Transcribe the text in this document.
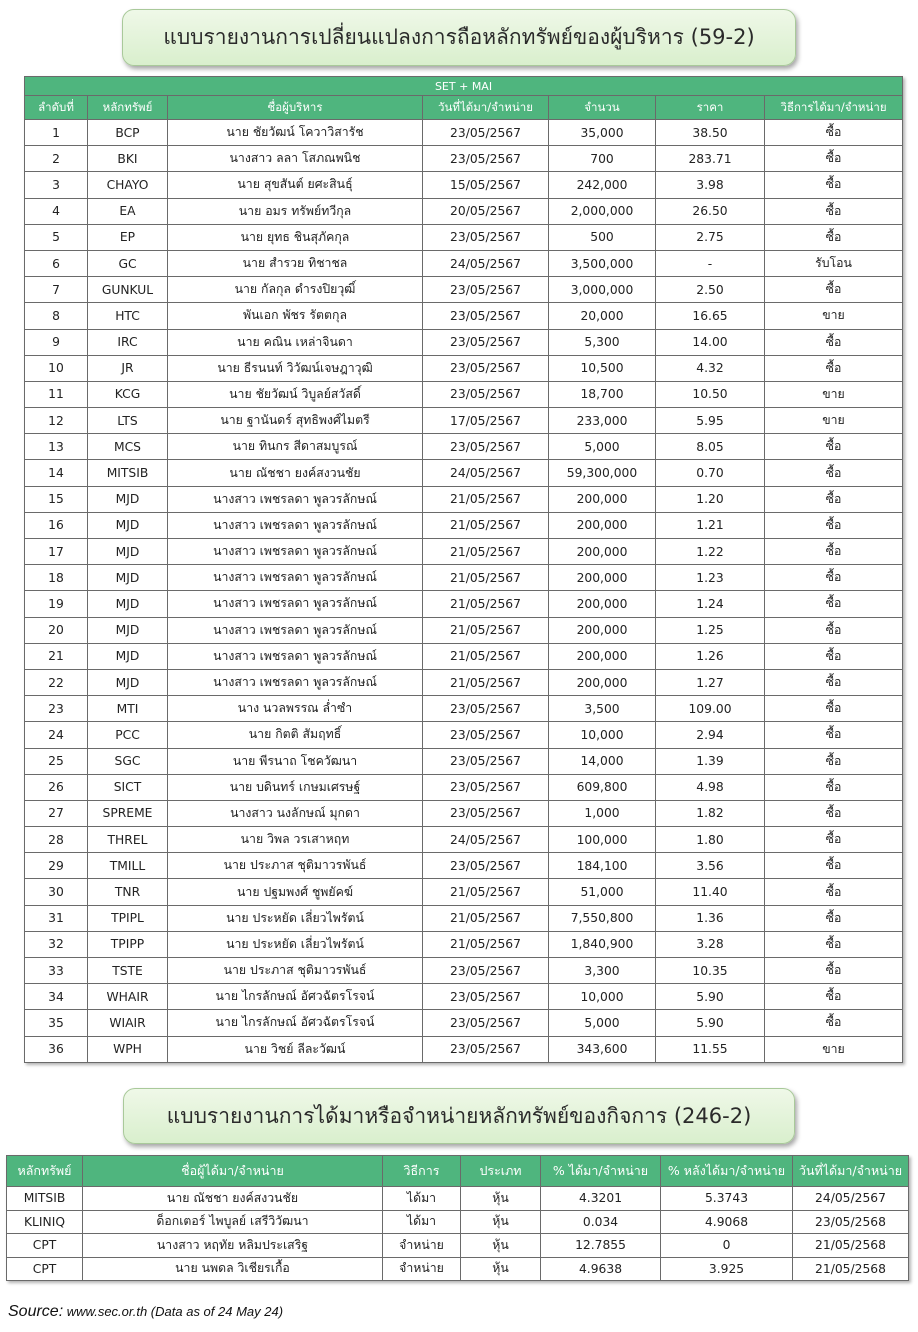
แบบรายงานการเปลี่ยนแปลงการถือหลักทรัพย์ของผู้บริหาร (59-2)
SET + MAI						
ลำดับที่	หลักทรัพย์	ชื่อผู้บริหาร	วันที่ได้มา/จำหน่าย	จำนวน	ราคา	วิธีการได้มา/จำหน่าย
1	BCP	นาย ชัยวัฒน์ โควาวิสารัช	23/05/2567	35,000	38.50	ซื้อ
2	BKI	นางสาว ลลา โสภณพนิช	23/05/2567	700	283.71	ซื้อ
3	CHAYO	นาย สุขสันต์ ยศะสินธุ์	15/05/2567	242,000	3.98	ซื้อ
4	EA	นาย อมร ทรัพย์ทวีกุล	20/05/2567	2,000,000	26.50	ซื้อ
5	EP	นาย ยุทธ ชินสุภัคกุล	23/05/2567	500	2.75	ซื้อ
6	GC	นาย สำรวย ทิชาชล	24/05/2567	3,500,000	-	รับโอน
7	GUNKUL	นาย กัลกุล ดำรงปิยวุฒิ์	23/05/2567	3,000,000	2.50	ซื้อ
8	HTC	พันเอก พัชร รัตตกุล	23/05/2567	20,000	16.65	ขาย
9	IRC	นาย คณิน เหล่าจินดา	23/05/2567	5,300	14.00	ซื้อ
10	JR	นาย ธีรนนท์ วิวัฒน์เจษฎาวุฒิ	23/05/2567	10,500	4.32	ซื้อ
11	KCG	นาย ชัยวัฒน์ วิบูลย์สวัสดิ์	23/05/2567	18,700	10.50	ขาย
12	LTS	นาย ฐานันดร์ สุทธิพงศ์ไมตรี	17/05/2567	233,000	5.95	ขาย
13	MCS	นาย ทินกร สีดาสมบูรณ์	23/05/2567	5,000	8.05	ซื้อ
14	MITSIB	นาย ณัชชา ยงค์สงวนชัย	24/05/2567	59,300,000	0.70	ซื้อ
15	MJD	นางสาว เพชรลดา พูลวรลักษณ์	21/05/2567	200,000	1.20	ซื้อ
16	MJD	นางสาว เพชรลดา พูลวรลักษณ์	21/05/2567	200,000	1.21	ซื้อ
17	MJD	นางสาว เพชรลดา พูลวรลักษณ์	21/05/2567	200,000	1.22	ซื้อ
18	MJD	นางสาว เพชรลดา พูลวรลักษณ์	21/05/2567	200,000	1.23	ซื้อ
19	MJD	นางสาว เพชรลดา พูลวรลักษณ์	21/05/2567	200,000	1.24	ซื้อ
20	MJD	นางสาว เพชรลดา พูลวรลักษณ์	21/05/2567	200,000	1.25	ซื้อ
21	MJD	นางสาว เพชรลดา พูลวรลักษณ์	21/05/2567	200,000	1.26	ซื้อ
22	MJD	นางสาว เพชรลดา พูลวรลักษณ์	21/05/2567	200,000	1.27	ซื้อ
23	MTI	นาง นวลพรรณ ล่ำซำ	23/05/2567	3,500	109.00	ซื้อ
24	PCC	นาย กิตติ สัมฤทธิ์	23/05/2567	10,000	2.94	ซื้อ
25	SGC	นาย พีรนาถ โชควัฒนา	23/05/2567	14,000	1.39	ซื้อ
26	SICT	นาย บดินทร์ เกษมเศรษฐ์	23/05/2567	609,800	4.98	ซื้อ
27	SPREME	นางสาว นงลักษณ์ มุกดา	23/05/2567	1,000	1.82	ซื้อ
28	THREL	นาย วิพล วรเสาหฤท	24/05/2567	100,000	1.80	ซื้อ
29	TMILL	นาย ประภาส ชุติมาวรพันธ์	23/05/2567	184,100	3.56	ซื้อ
30	TNR	นาย ปฐมพงศ์ ชูพยัคฆ์	21/05/2567	51,000	11.40	ซื้อ
31	TPIPL	นาย ประหยัด เลี่ยวไพรัตน์	21/05/2567	7,550,800	1.36	ซื้อ
32	TPIPP	นาย ประหยัด เลี่ยวไพรัตน์	21/05/2567	1,840,900	3.28	ซื้อ
33	TSTE	นาย ประภาส ชุติมาวรพันธ์	23/05/2567	3,300	10.35	ซื้อ
34	WHAIR	นาย ไกรลักษณ์ อัศวฉัตรโรจน์	23/05/2567	10,000	5.90	ซื้อ
35	WIAIR	นาย ไกรลักษณ์ อัศวฉัตรโรจน์	23/05/2567	5,000	5.90	ซื้อ
36	WPH	นาย วิชย์ ลีละวัฒน์	23/05/2567	343,600	11.55	ขาย
แบบรายงานการได้มาหรือจำหน่ายหลักทรัพย์ของกิจการ (246-2)
หลักทรัพย์	ชื่อผู้ได้มา/จำหน่าย	วิธีการ	ประเภท	% ได้มา/จำหน่าย	% หลังได้มา/จำหน่าย	วันที่ได้มา/จำหน่าย
MITSIB	นาย ณัชชา ยงค์สงวนชัย	ได้มา	หุ้น	4.3201	5.3743	24/05/2567
KLINIQ	ด็อกเตอร์ ไพบูลย์ เสรีวิวัฒนา	ได้มา	หุ้น	0.034	4.9068	23/05/2568
CPT	นางสาว หฤทัย หลิมประเสริฐ	จำหน่าย	หุ้น	12.7855	0	21/05/2568
CPT	นาย นพดล วิเชียรเกื้อ	จำหน่าย	หุ้น	4.9638	3.925	21/05/2568
Source: www.sec.or.th (Data as of 24 May 24)
